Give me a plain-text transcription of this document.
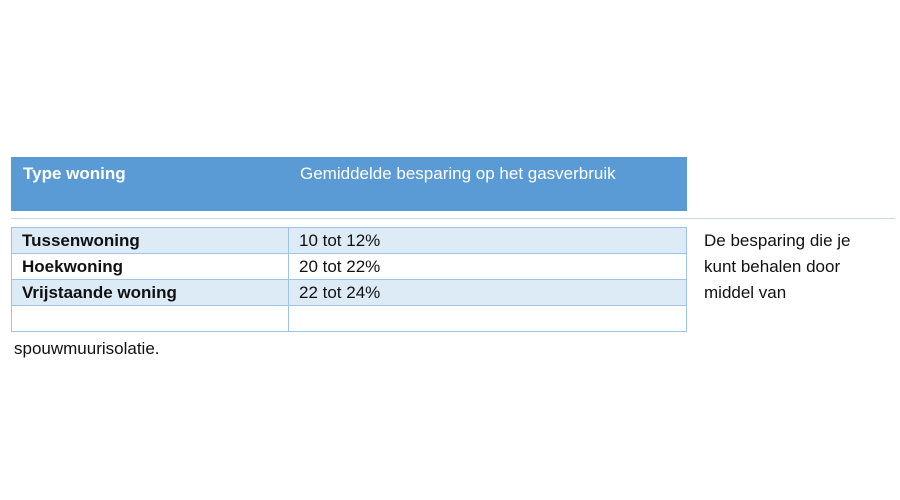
Type woning	Gemiddelde besparing op het gasverbruik
Tussenwoning	10 tot 12%
Hoekwoning	20 tot 22%
Vrijstaande woning	22 tot 24%

De besparing die je kunt behalen door middel van
spouwmuurisolatie.
